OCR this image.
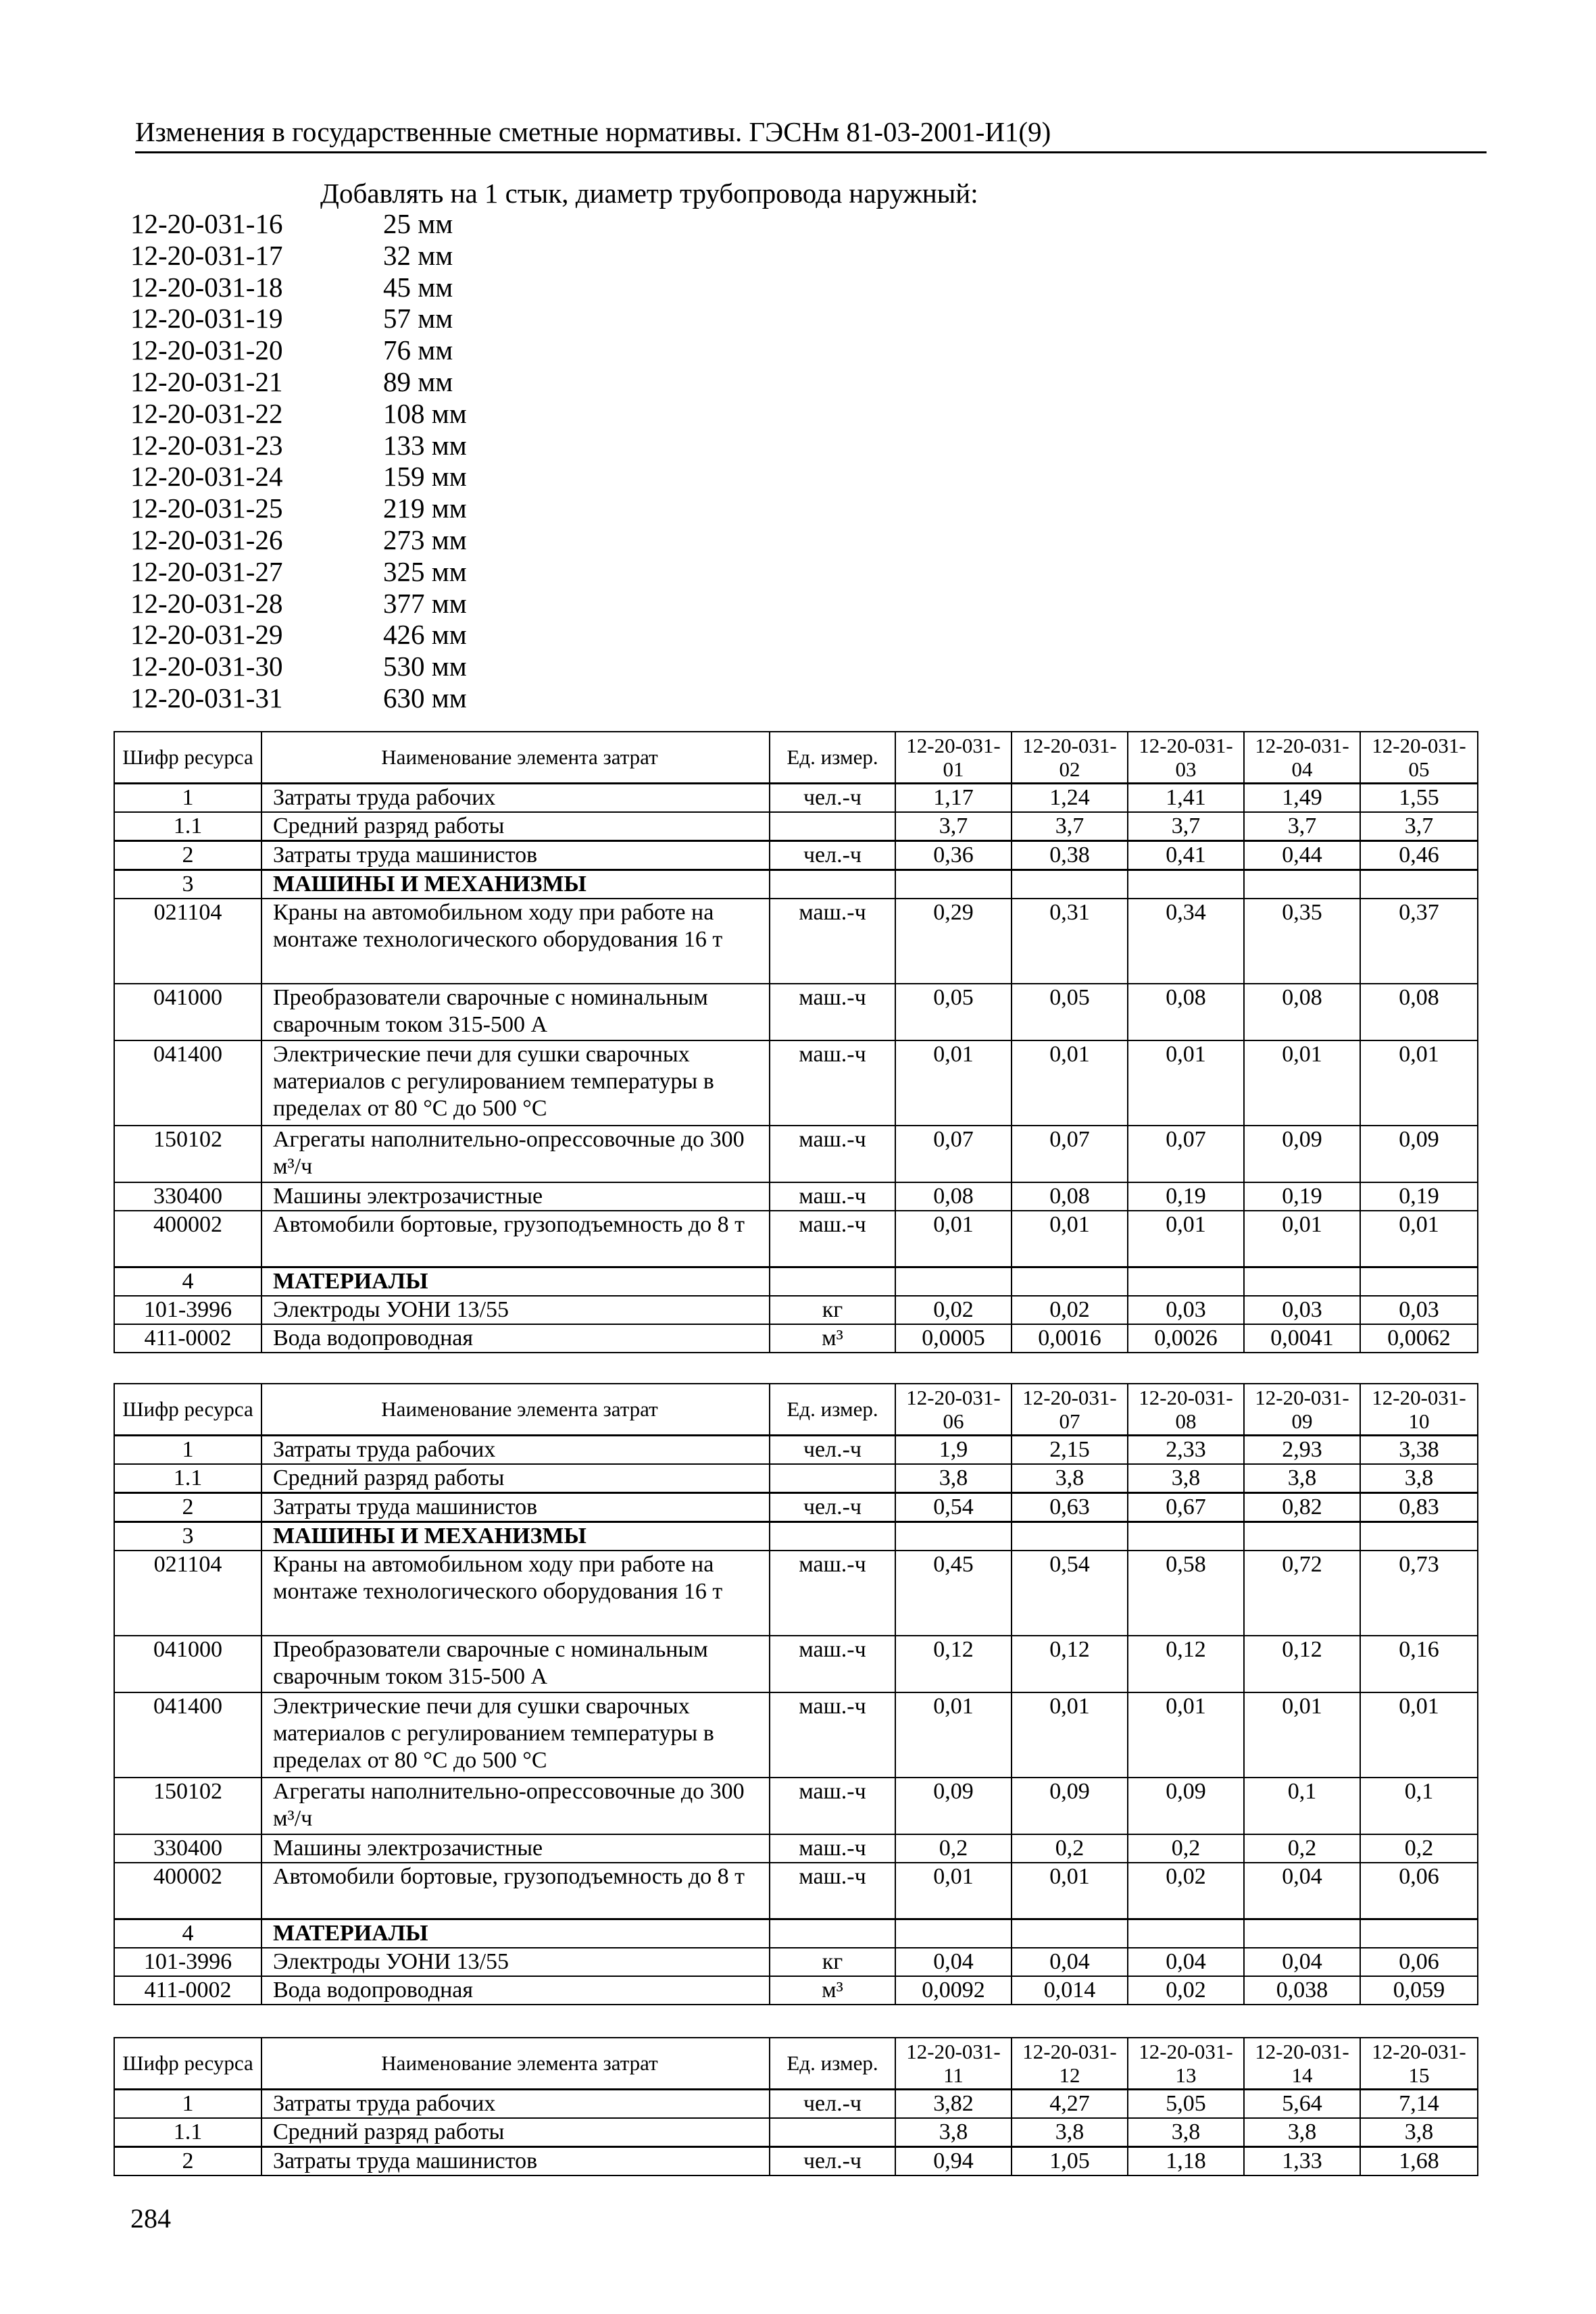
Изменения в государственные сметные нормативы. ГЭСНм 81-03-2001-И1(9)
Добавлять на 1 стык, диаметр трубопровода наружный:
12-20-031-16	25 мм
12-20-031-17	32 мм
12-20-031-18	45 мм
12-20-031-19	57 мм
12-20-031-20	76 мм
12-20-031-21	89 мм
12-20-031-22	108 мм
12-20-031-23	133 мм
12-20-031-24	159 мм
12-20-031-25	219 мм
12-20-031-26	273 мм
12-20-031-27	325 мм
12-20-031-28	377 мм
12-20-031-29	426 мм
12-20-031-30	530 мм
12-20-031-31	630 мм
Шифр ресурса	Наименование элемента затрат	Ед. измер.	12-20-031-01	12-20-031-02	12-20-031-03	12-20-031-04	12-20-031-05
1	Затраты труда рабочих	чел.-ч	1,17	1,24	1,41	1,49	1,55
1.1	Средний разряд работы		3,7	3,7	3,7	3,7	3,7
2	Затраты труда машинистов	чел.-ч	0,36	0,38	0,41	0,44	0,46
3	МАШИНЫ И МЕХАНИЗМЫ						
021104	Краны на автомобильном ходу при работе на монтаже технологического оборудования 16 т	маш.-ч	0,29	0,31	0,34	0,35	0,37
041000	Преобразователи сварочные с номинальным сварочным током 315-500 А	маш.-ч	0,05	0,05	0,08	0,08	0,08
041400	Электрические печи для сушки сварочных материалов с регулированием температуры в пределах от 80 °С до 500 °С	маш.-ч	0,01	0,01	0,01	0,01	0,01
150102	Агрегаты наполнительно-опрессовочные до 300 м³/ч	маш.-ч	0,07	0,07	0,07	0,09	0,09
330400	Машины электрозачистные	маш.-ч	0,08	0,08	0,19	0,19	0,19
400002	Автомобили бортовые, грузоподъемность до 8 т	маш.-ч	0,01	0,01	0,01	0,01	0,01
4	МАТЕРИАЛЫ						
101-3996	Электроды УОНИ 13/55	кг	0,02	0,02	0,03	0,03	0,03
411-0002	Вода водопроводная	м³	0,0005	0,0016	0,0026	0,0041	0,0062
Шифр ресурса	Наименование элемента затрат	Ед. измер.	12-20-031-06	12-20-031-07	12-20-031-08	12-20-031-09	12-20-031-10
1	Затраты труда рабочих	чел.-ч	1,9	2,15	2,33	2,93	3,38
1.1	Средний разряд работы		3,8	3,8	3,8	3,8	3,8
2	Затраты труда машинистов	чел.-ч	0,54	0,63	0,67	0,82	0,83
3	МАШИНЫ И МЕХАНИЗМЫ						
021104	Краны на автомобильном ходу при работе на монтаже технологического оборудования 16 т	маш.-ч	0,45	0,54	0,58	0,72	0,73
041000	Преобразователи сварочные с номинальным сварочным током 315-500 А	маш.-ч	0,12	0,12	0,12	0,12	0,16
041400	Электрические печи для сушки сварочных материалов с регулированием температуры в пределах от 80 °С до 500 °С	маш.-ч	0,01	0,01	0,01	0,01	0,01
150102	Агрегаты наполнительно-опрессовочные до 300 м³/ч	маш.-ч	0,09	0,09	0,09	0,1	0,1
330400	Машины электрозачистные	маш.-ч	0,2	0,2	0,2	0,2	0,2
400002	Автомобили бортовые, грузоподъемность до 8 т	маш.-ч	0,01	0,01	0,02	0,04	0,06
4	МАТЕРИАЛЫ						
101-3996	Электроды УОНИ 13/55	кг	0,04	0,04	0,04	0,04	0,06
411-0002	Вода водопроводная	м³	0,0092	0,014	0,02	0,038	0,059
Шифр ресурса	Наименование элемента затрат	Ед. измер.	12-20-031-11	12-20-031-12	12-20-031-13	12-20-031-14	12-20-031-15
1	Затраты труда рабочих	чел.-ч	3,82	4,27	5,05	5,64	7,14
1.1	Средний разряд работы		3,8	3,8	3,8	3,8	3,8
2	Затраты труда машинистов	чел.-ч	0,94	1,05	1,18	1,33	1,68
284
